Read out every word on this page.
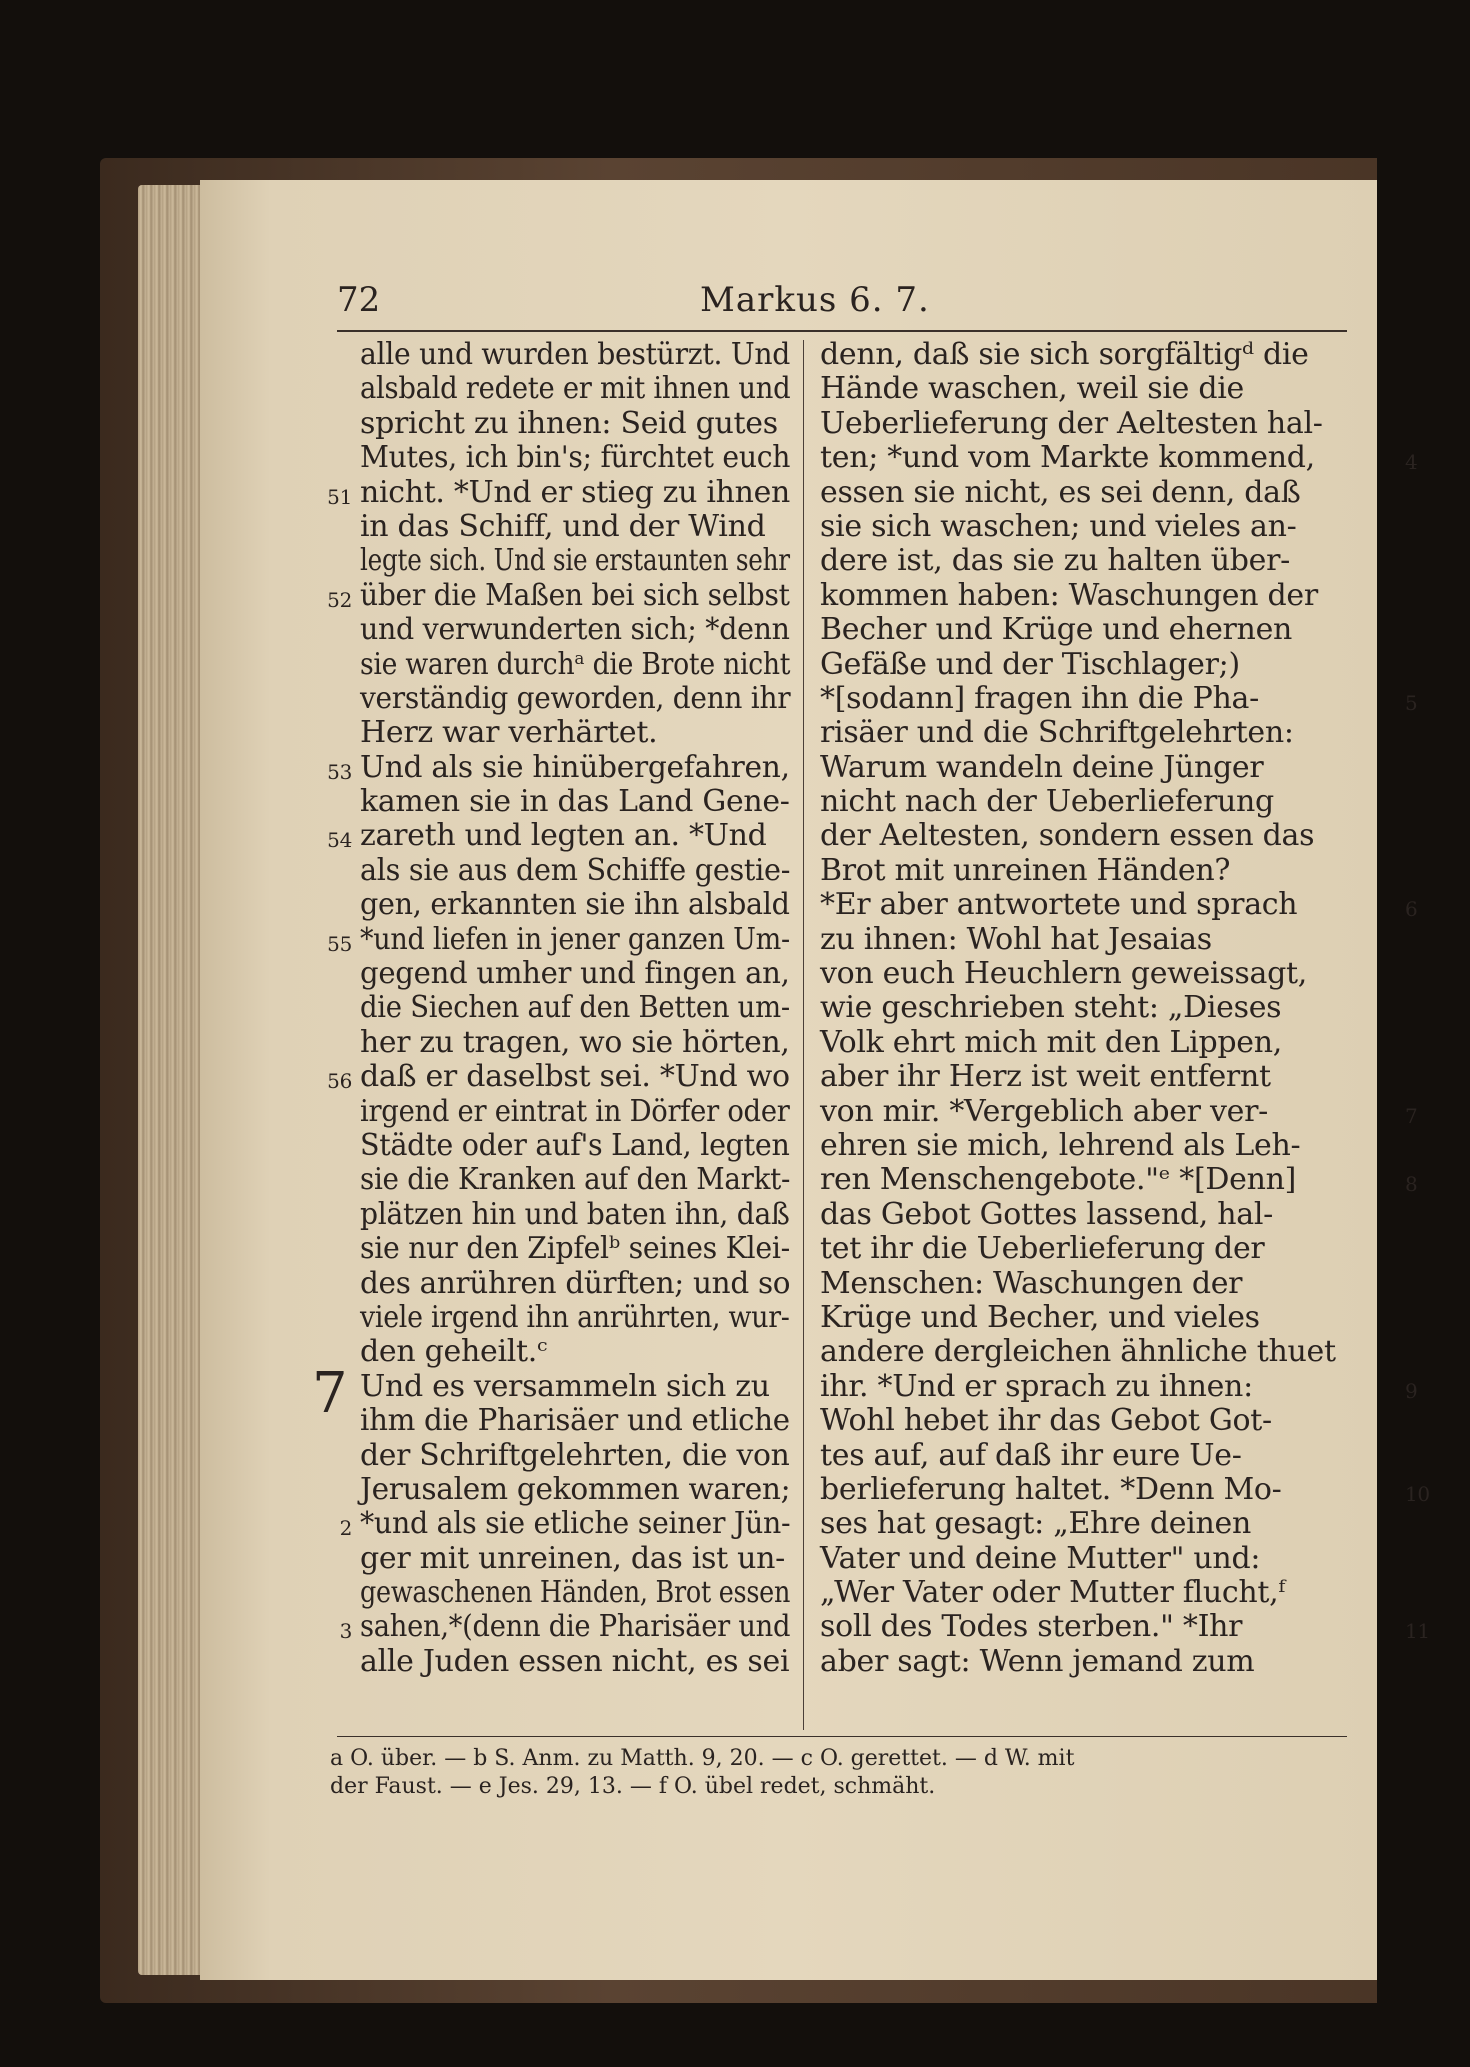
72	Markus 6. 7.
alle und wurden bestürzt. Und
alsbald redete er mit ihnen und
spricht zu ihnen: Seid gutes
Mutes, ich bin's; fürchtet euch
51 nicht. *Und er stieg zu ihnen
in das Schiff, und der Wind
legte sich. Und sie erstaunten sehr
52 über die Maßen bei sich selbst
und verwunderten sich; *denn
sie waren durchᵃ die Brote nicht
verständig geworden, denn ihr
Herz war verhärtet.
53 Und als sie hinübergefahren,
kamen sie in das Land Gene-
54 zareth und legten an. *Und
als sie aus dem Schiffe gestie-
gen, erkannten sie ihn alsbald
55 *und liefen in jener ganzen Um-
gegend umher und fingen an,
die Siechen auf den Betten um-
her zu tragen, wo sie hörten,
56 daß er daselbst sei. *Und wo
irgend er eintrat in Dörfer oder
Städte oder auf's Land, legten
sie die Kranken auf den Markt-
plätzen hin und baten ihn, daß
sie nur den Zipfelᵇ seines Klei-
des anrühren dürften; und so
viele irgend ihn anrührten, wur-
den geheilt.ᶜ
7 Und es versammeln sich zu
ihm die Pharisäer und etliche
der Schriftgelehrten, die von
Jerusalem gekommen waren;
2 *und als sie etliche seiner Jün-
ger mit unreinen, das ist un-
gewaschenen Händen, Brot essen
3 sahen,*(denn die Pharisäer und
alle Juden essen nicht, es sei
denn, daß sie sich sorgfältigᵈ die
Hände waschen, weil sie die
Ueberlieferung der Aeltesten hal-
4
ten; *und vom Markte kommend,
essen sie nicht, es sei denn, daß
sie sich waschen; und vieles an-
dere ist, das sie zu halten über-
kommen haben: Waschungen der
Becher und Krüge und ehernen
Gefäße und der Tischlager;)
5
*[sodann] fragen ihn die Pha-
risäer und die Schriftgelehrten:
Warum wandeln deine Jünger
nicht nach der Ueberlieferung
der Aeltesten, sondern essen das
Brot mit unreinen Händen?
6
*Er aber antwortete und sprach
zu ihnen: Wohl hat Jesaias
von euch Heuchlern geweissagt,
wie geschrieben steht: „Dieses
Volk ehrt mich mit den Lippen,
aber ihr Herz ist weit entfernt
7
von mir. *Vergeblich aber ver-
ehren sie mich, lehrend als Leh-
8
ren Menschengebote."ᵉ *[Denn]
das Gebot Gottes lassend, hal-
tet ihr die Ueberlieferung der
Menschen: Waschungen der
Krüge und Becher, und vieles
andere dergleichen ähnliche thuet
9
ihr. *Und er sprach zu ihnen:
Wohl hebet ihr das Gebot Got-
tes auf, auf daß ihr eure Ue-
10
berlieferung haltet. *Denn Mo-
ses hat gesagt: „Ehre deinen
Vater und deine Mutter" und:
„Wer Vater oder Mutter flucht,ᶠ
11
soll des Todes sterben." *Ihr
aber sagt: Wenn jemand zum
a O. über. — b S. Anm. zu Matth. 9, 20. — c O. gerettet. — d W. mit
der Faust. — e Jes. 29, 13. — f O. übel redet, schmäht.
